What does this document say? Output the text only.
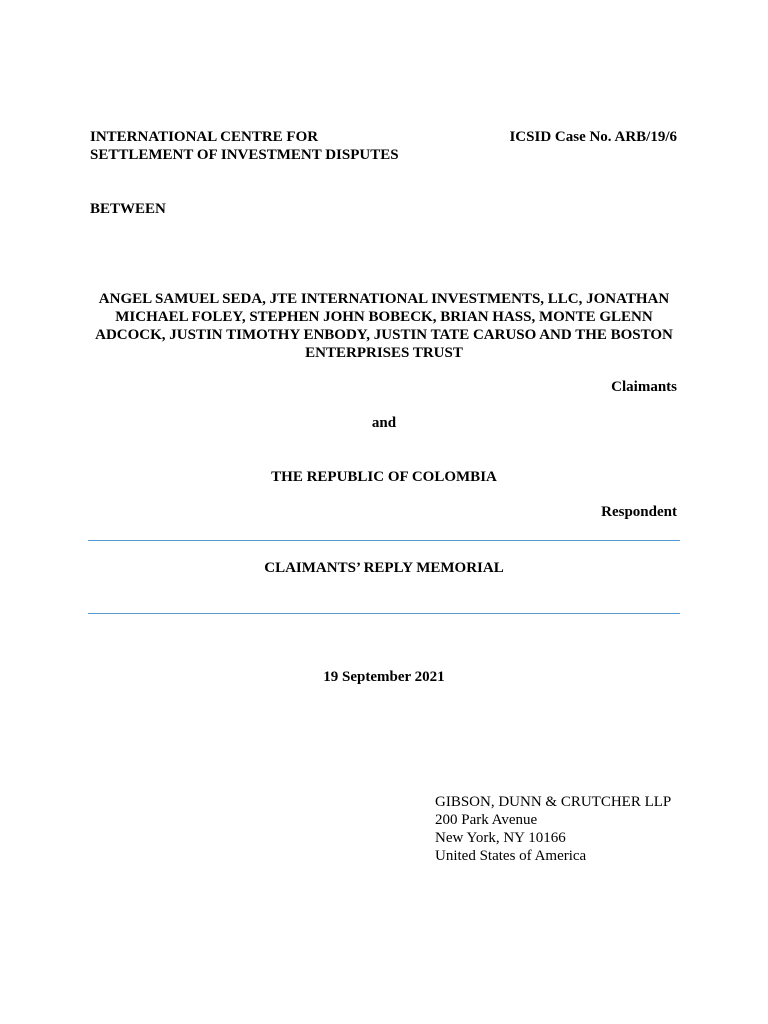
INTERNATIONAL CENTRE FOR
SETTLEMENT OF INVESTMENT DISPUTES
ICSID Case No. ARB/19/6
BETWEEN
ANGEL SAMUEL SEDA, JTE INTERNATIONAL INVESTMENTS, LLC, JONATHAN
MICHAEL FOLEY, STEPHEN JOHN BOBECK, BRIAN HASS, MONTE GLENN
ADCOCK, JUSTIN TIMOTHY ENBODY, JUSTIN TATE CARUSO AND THE BOSTON
ENTERPRISES TRUST
Claimants
and
THE REPUBLIC OF COLOMBIA
Respondent
CLAIMANTS’ REPLY MEMORIAL
19 September 2021
GIBSON, DUNN & CRUTCHER LLP
200 Park Avenue
New York, NY 10166
United States of America
